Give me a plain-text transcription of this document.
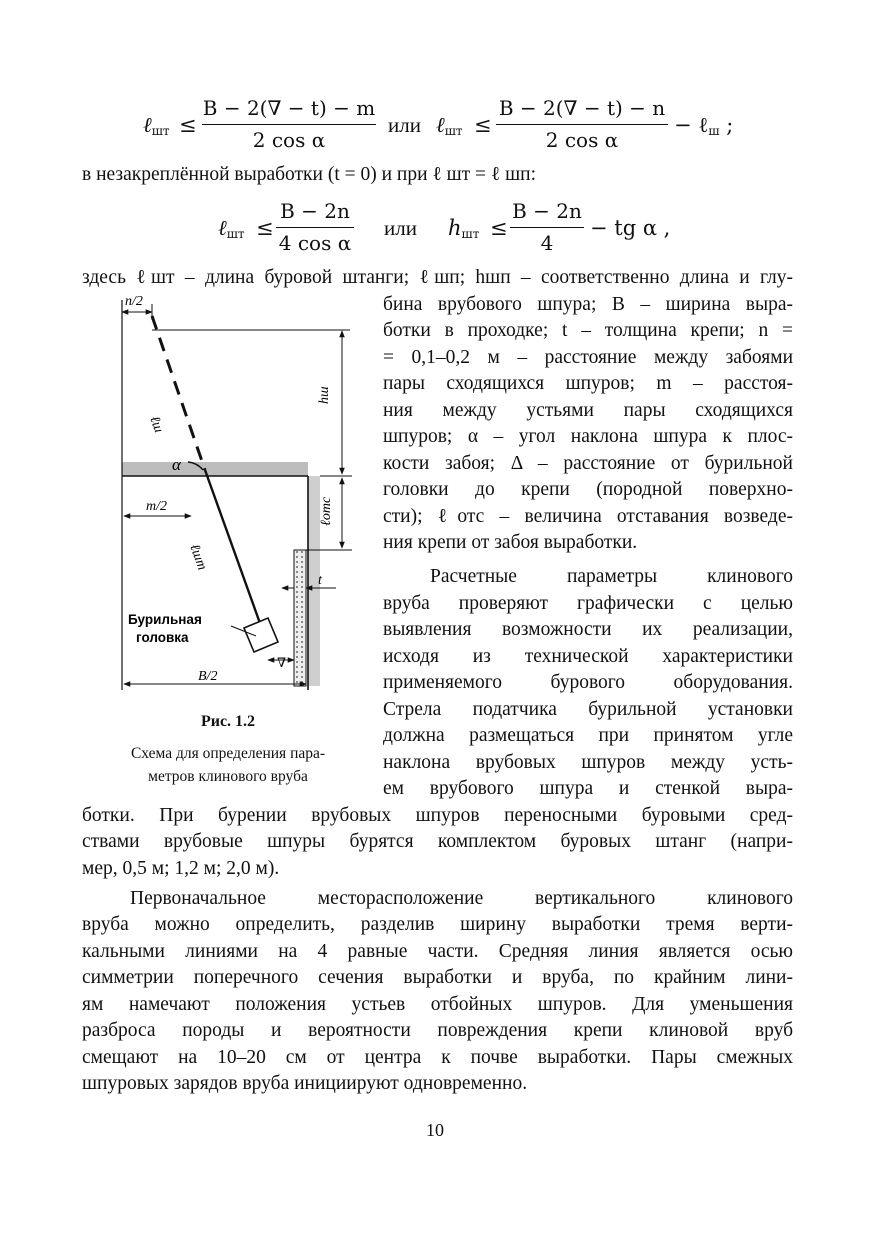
ℓ$_{шт}$ ≤
B − 2(∇ − t) − m
2 cos α
или ℓ$_{шт}$ ≤
B − 2(∇ − t) − n
2 cos α
− ℓ$_ш$ ;
в незакреплённой выработки (t = 0) и при ℓ шт = ℓ шп:
ℓ$_{шт}$ ≤
B − 2n
4 cos α
или $h_{шт}$ ≤
B − 2n
4
− tg α ,
здесь ℓшт – длина буровой штанги; ℓшп; hшп – соответственно длина и глу-
бина врубового шпура; B – ширина выра-
ботки в проходке; t – толщина крепи; n =
= 0,1–0,2 м – расстояние между забоями
пары сходящихся шпуров; m – расстоя-
ния между устьями пары сходящихся
шпуров; α – угол наклона шпура к плос-
кости забоя; Δ – расстояние от бурильной
головки до крепи (породной поверхно-
сти); ℓотс – величина отставания возведе-
ния крепи от забоя выработки.
Расчетные параметры клинового
вруба проверяют графически с целью
выявления возможности их реализации,
исходя из технической характеристики
применяемого бурового оборудования.
Стрела податчика бурильной установки
должна размещаться при принятом угле
наклона врубовых шпуров между усть-
ем врубового шпура и стенкой выра-
ботки. При бурении врубовых шпуров переносными буровыми сред-
ствами врубовые шпуры бурятся комплектом буровых штанг (напри-
мер, 0,5 м; 1,2 м; 2,0 м).
Первоначальное месторасположение вертикального клинового
вруба можно определить, разделив ширину выработки тремя верти-
кальными линиями на 4 равные части. Средняя линия является осью
симметрии поперечного сечения выработки и вруба, по крайним лини-
ям намечают положения устьев отбойных шпуров. Для уменьшения
разброса породы и вероятности повреждения крепи клиновой вруб
смещают на 10–20 см от центра к почве выработки. Пары смежных
шпуровых зарядов вруба инициируют одновременно.
n/2
hш
ℓш
α
m/2
ℓшт
ℓотс
t
Бурильная
головка
∇
B/2
Рис. 1.2
Схема для определения пара-
метров клинового вруба
10
